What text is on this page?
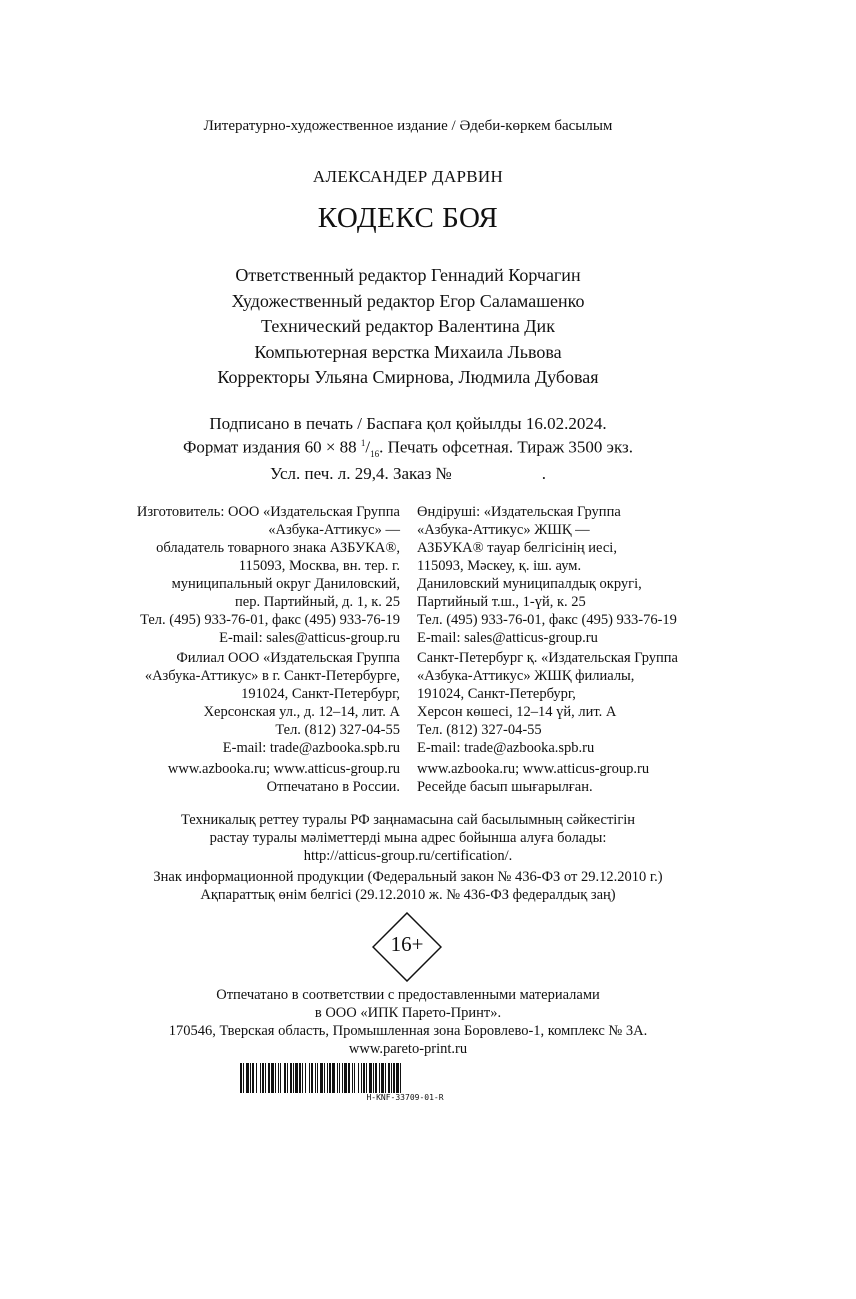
Литературно-художественное издание / Әдеби-көркем басылым
АЛЕКСАНДЕР ДАРВИН
КОДЕКС БОЯ
Ответственный редактор Геннадий Корчагин
Художественный редактор Егор Саламашенко
Технический редактор Валентина Дик
Компьютерная верстка Михаила Львова
Корректоры Ульяна Смирнова, Людмила Дубовая
Подписано в печать / Баспаға қол қойылды 16.02.2024.
Формат издания 60 × 88 $^1/_{16}$. Печать офсетная. Тираж 3500 экз.
Усл. печ. л. 29,4. Заказ №	.
Изготовитель: ООО «Издательская Группа
«Азбука-Аттикус» —
обладатель товарного знака АЗБУКА®,
115093, Москва, вн. тер. г.
муниципальный округ Даниловский,
пер. Партийный, д. 1, к. 25
Тел. (495) 933-76-01, факс (495) 933-76-19
E-mail: sales@atticus-group.ru
Өндіруші: «Издательская Группа
«Азбука-Аттикус» ЖШҚ —
АЗБУКА® тауар белгісінің иесі,
115093, Мәскеу, қ. іш. аум.
Даниловский муниципалдық округі,
Партийный т.ш., 1-үй, к. 25
Тел. (495) 933-76-01, факс (495) 933-76-19
E-mail: sales@atticus-group.ru
Филиал ООО «Издательская Группа
«Азбука-Аттикус» в г. Санкт-Петербурге,
191024, Санкт-Петербург,
Херсонская ул., д. 12–14, лит. А
Тел. (812) 327-04-55
E-mail: trade@azbooka.spb.ru
Санкт-Петербург қ. «Издательская Группа
«Азбука-Аттикус» ЖШҚ филиалы,
191024, Санкт-Петербург,
Херсон көшесі, 12–14 үй, лит. А
Тел. (812) 327-04-55
E-mail: trade@azbooka.spb.ru
www.azbooka.ru; www.atticus-group.ru
Отпечатано в России.
www.azbooka.ru; www.atticus-group.ru
Ресейде басып шығарылған.
Техникалық реттеу туралы РФ заңнамасына сай басылымның сәйкестігін
растау туралы мәліметтерді мына адрес бойынша алуға болады:
http://atticus-group.ru/certification/.
Знак информационной продукции (Федеральный закон № 436-ФЗ от 29.12.2010 г.)
Ақпараттық өнім белгісі (29.12.2010 ж. № 436-ФЗ федералдық заң)
16+
Отпечатано в соответствии с предоставленными материалами
в ООО «ИПК Парето-Принт».
170546, Тверская область, Промышленная зона Боровлево-1, комплекс № 3А.
www.pareto-print.ru
H-KNF-33709-01-R
